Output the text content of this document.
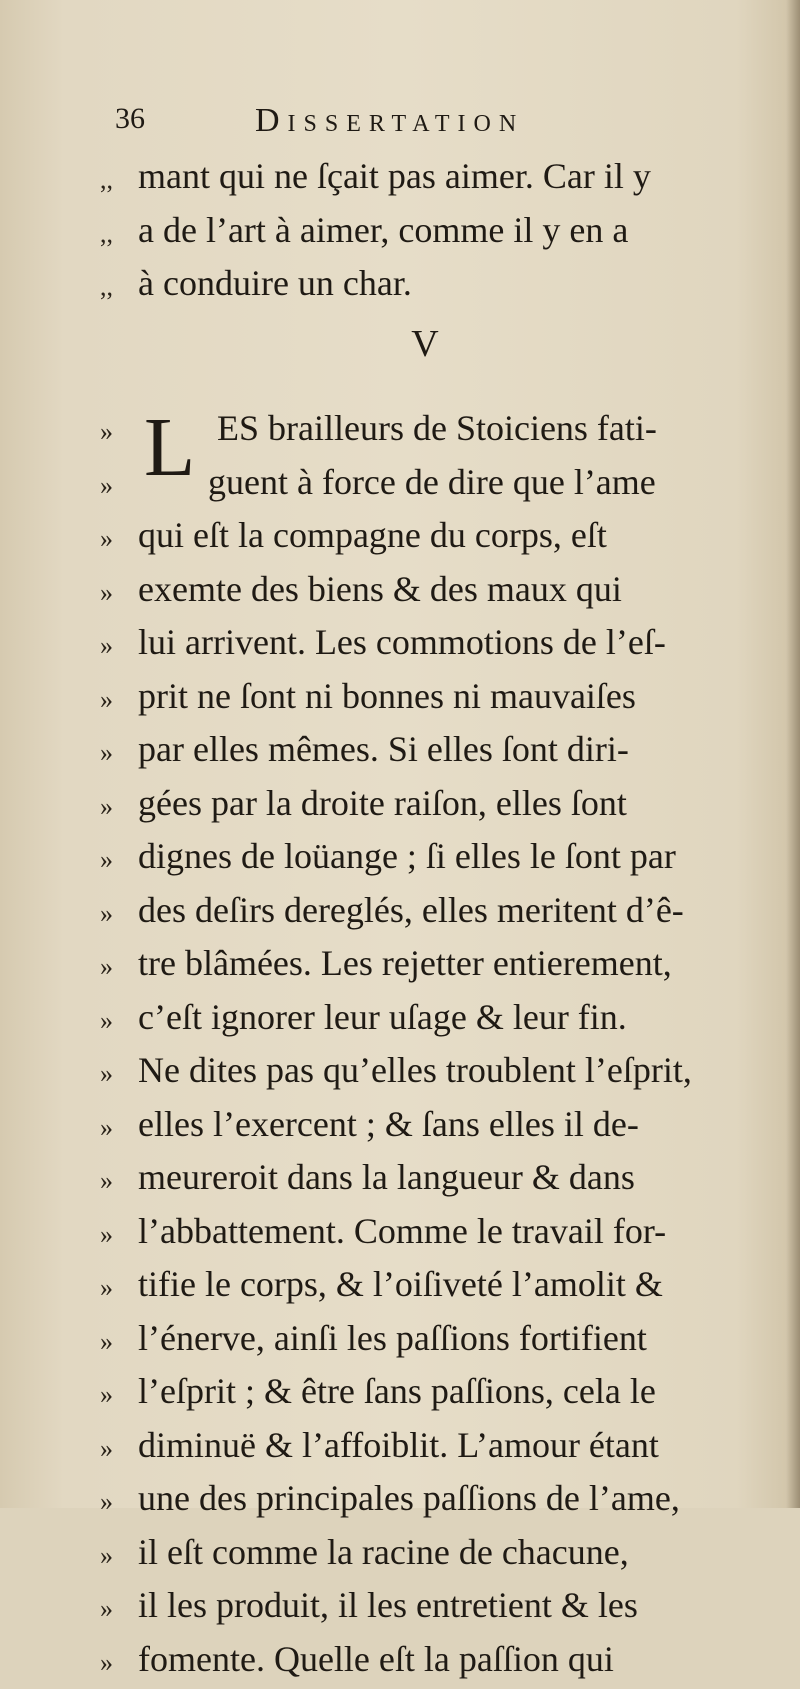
36	Dissertation
,, mant qui ne ſçait pas aimer. Car il y
,, a de l’art à aimer, comme il y en a
,, à conduire un char.
V
» L ES brailleurs de Stoiciens fati-
»	guent à force de dire que l’ame
» qui eſt la compagne du corps, eſt
» exemte des biens & des maux qui
» lui arrivent. Les commotions de l’eſ-
» prit ne ſont ni bonnes ni mauvaiſes
» par elles mêmes. Si elles ſont diri-
» gées par la droite raiſon, elles ſont
» dignes de loüange ; ſi elles le ſont par
» des deſirs dereglés, elles meritent d’ê-
» tre blâmées. Les rejetter entierement,
» c’eſt ignorer leur uſage & leur fin.
» Ne dites pas qu’elles troublent l’eſprit,
» elles l’exercent ; & ſans elles il de-
» meureroit dans la langueur & dans
» l’abbattement. Comme le travail for-
» tifie le corps, & l’oiſiveté l’amolit &
» l’énerve, ainſi les paſſions fortifient
» l’eſprit ; & être ſans paſſions, cela le
» diminuë & l’affoiblit. L’amour étant
» une des principales paſſions de l’ame,
» il eſt comme la racine de chacune,
» il les produit, il les entretient & les
» fomente. Quelle eſt la paſſion qui
